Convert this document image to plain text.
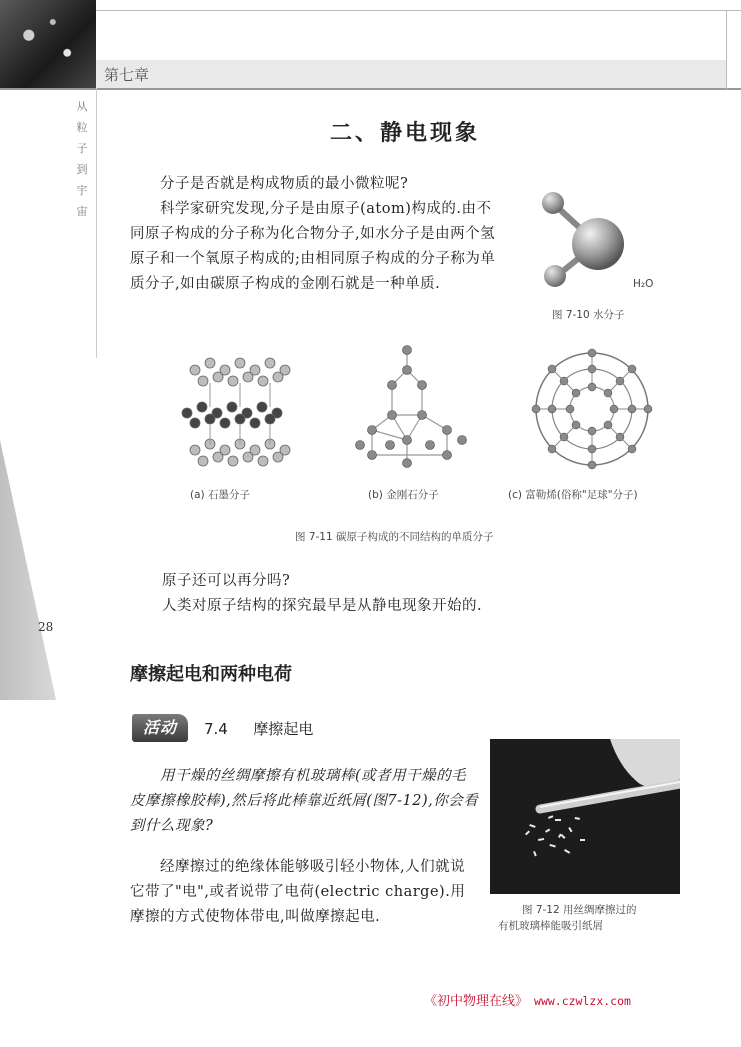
第七章
从
粒
子
到
宇
宙
28
二、静电现象
分子是否就是构成物质的最小微粒呢?
科学家研究发现,分子是由原子(atom)构成的.由不同原子构成的分子称为化合物分子,如水分子是由两个氢原子和一个氧原子构成的;由相同原子构成的分子称为单质分子,如由碳原子构成的金刚石就是一种单质.	H₂O
图 7-10 水分子
(a) 石墨分子	(b) 金刚石分子	(c) 富勒烯(俗称"足球"分子)
图 7-11 碳原子构成的不同结构的单质分子
原子还可以再分吗?
人类对原子结构的探究最早是从静电现象开始的.
摩擦起电和两种电荷
活动	7.4 摩擦起电
用干燥的丝绸摩擦有机玻璃棒(或者用干燥的毛皮摩擦橡胶棒),然后将此棒靠近纸屑(图7-12),你会看到什么现象?
经摩擦过的绝缘体能够吸引轻小物体,人们就说它带了"电",或者说带了电荷(electric charge).用摩擦的方式使物体带电,叫做摩擦起电.	图 7-12 用丝绸摩擦过的
有机玻璃棒能吸引纸屑
《初中物理在线》 www.czwlzx.com
